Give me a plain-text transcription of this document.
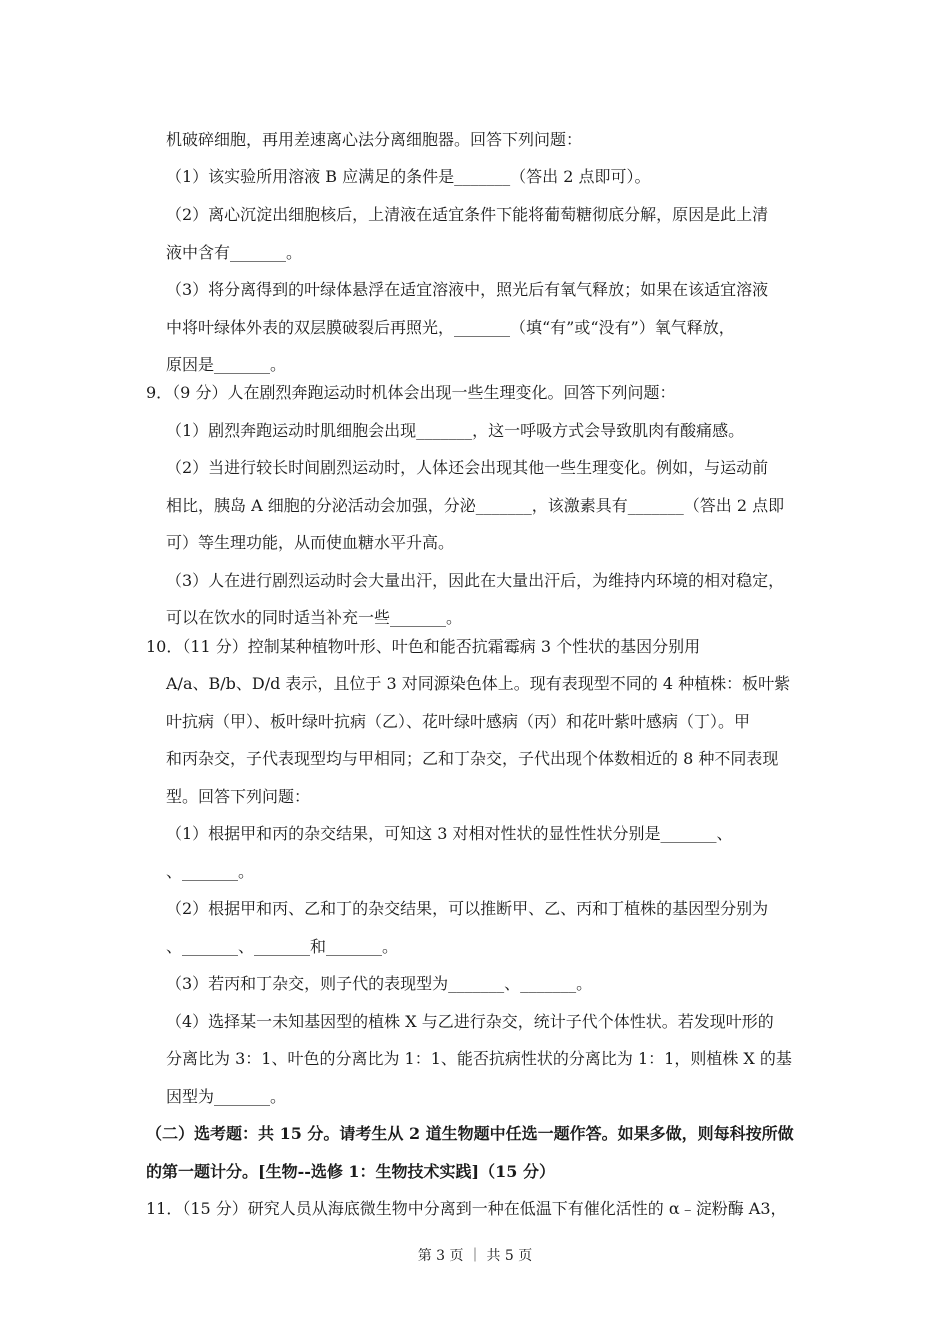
机破碎细胞，再用差速离心法分离细胞器。回答下列问题：
（1）该实验所用溶液 B 应满足的条件是_______（答出 2 点即可）。
（2）离心沉淀出细胞核后，上清液在适宜条件下能将葡萄糖彻底分解，原因是此上清
液中含有_______。
（3）将分离得到的叶绿体悬浮在适宜溶液中，照光后有氧气释放；如果在该适宜溶液
中将叶绿体外表的双层膜破裂后再照光，_______（填“有”或“没有”）氧气释放，
原因是_______。
9．（9 分）人在剧烈奔跑运动时机体会出现一些生理变化。回答下列问题：
（1）剧烈奔跑运动时肌细胞会出现_______，这一呼吸方式会导致肌肉有酸痛感。
（2）当进行较长时间剧烈运动时，人体还会出现其他一些生理变化。例如，与运动前
相比，胰岛 A 细胞的分泌活动会加强，分泌_______，该激素具有_______（答出 2 点即
可）等生理功能，从而使血糖水平升高。
（3）人在进行剧烈运动时会大量出汗，因此在大量出汗后，为维持内环境的相对稳定，
可以在饮水的同时适当补充一些_______。
10．（11 分）控制某种植物叶形、叶色和能否抗霜霉病 3 个性状的基因分别用
A/a、B/b、D/d 表示，且位于 3 对同源染色体上。现有表现型不同的 4 种植株：板叶紫
叶抗病（甲）、板叶绿叶抗病（乙）、花叶绿叶感病（丙）和花叶紫叶感病（丁）。甲
和丙杂交，子代表现型均与甲相同；乙和丁杂交，子代出现个体数相近的 8 种不同表现
型。回答下列问题：
（1）根据甲和丙的杂交结果，可知这 3 对相对性状的显性性状分别是_______、
、_______。
（2）根据甲和丙、乙和丁的杂交结果，可以推断甲、乙、丙和丁植株的基因型分别为
、_______、_______和_______。
（3）若丙和丁杂交，则子代的表现型为_______、_______。
（4）选择某一未知基因型的植株 X 与乙进行杂交，统计子代个体性状。若发现叶形的
分离比为 3：1、叶色的分离比为 1：1、能否抗病性状的分离比为 1：1，则植株 X 的基
因型为_______。
（二）选考题：共 15 分。请考生从 2 道生物题中任选一题作答。如果多做，则每科按所做
的第一题计分。[生物--选修 1：生物技术实践]（15 分）
11．（15 分）研究人员从海底微生物中分离到一种在低温下有催化活性的 α﹣淀粉酶 A3，
第 3 页 ｜ 共 5 页
